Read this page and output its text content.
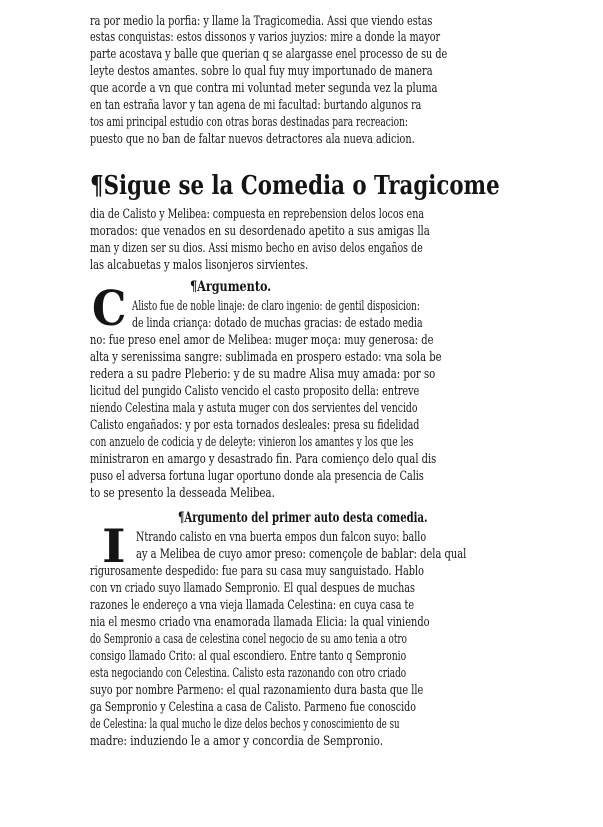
ra por medio la porfia: y llame la Tragicomedia. Assi que viendo estas
estas conquistas: estos dissonos y varios juyzios: mire a donde la mayor
parte acostava y balle que querian q se alargasse enel processo de su de
leyte destos amantes. sobre lo qual fuy muy importunado de manera
que acorde a vn que contra mi voluntad meter segunda vez la pluma
en tan estraña lavor y tan agena de mi facultad: burtando algunos ra
tos ami principal estudio con otras boras destinadas para recreacion:
puesto que no ban de faltar nuevos detractores ala nueva adicion.
¶Sigue se la Comedia o Tragicome
dia de Calisto y Melibea: compuesta en reprebension delos locos ena
morados: que venados en su desordenado apetito a sus amigas lla
man y dizen ser su dios. Assi mismo becho en aviso delos engaños de
las alcabuetas y malos lisonjeros sirvientes.
¶Argumento.
C Alisto fue de noble linaje: de claro ingenio: de gentil disposicion:
de linda criança: dotado de muchas gracias: de estado media
no: fue preso enel amor de Melibea: muger moça: muy generosa: de
alta y serenissima sangre: sublimada en prospero estado: vna sola be
redera a su padre Pleberio: y de su madre Alisa muy amada: por so
licitud del pungido Calisto vencido el casto proposito della: entreve
niendo Celestina mala y astuta muger con dos servientes del vencido
Calisto engañados: y por esta tornados desleales: presa su fidelidad
con anzuelo de codicia y de deleyte: vinieron los amantes y los que les
ministraron en amargo y desastrado fin. Para comienço delo qual dis
puso el adversa fortuna lugar oportuno donde ala presencia de Calis
to se presento la desseada Melibea.
¶Argumento del primer auto desta comedia.
I Ntrando calisto en vna buerta empos dun falcon suyo: ballo
ay a Melibea de cuyo amor preso: començole de bablar: dela qual
rigurosamente despedido: fue para su casa muy sanguistado. Hablo
con vn criado suyo llamado Sempronio. El qual despues de muchas
razones le endereço a vna vieja llamada Celestina: en cuya casa te
nia el mesmo criado vna enamorada llamada Elicia: la qual viniendo
do Sempronio a casa de celestina conel negocio de su amo tenia a otro
consigo llamado Crito: al qual escondiero. Entre tanto q Sempronio
esta negociando con Celestina. Calisto esta razonando con otro criado
suyo por nombre Parmeno: el qual razonamiento dura basta que lle
ga Sempronio y Celestina a casa de Calisto. Parmeno fue conoscido
de Celestina: la qual mucho le dize delos bechos y conoscimiento de su
madre: induziendo le a amor y concordia de Sempronio.
